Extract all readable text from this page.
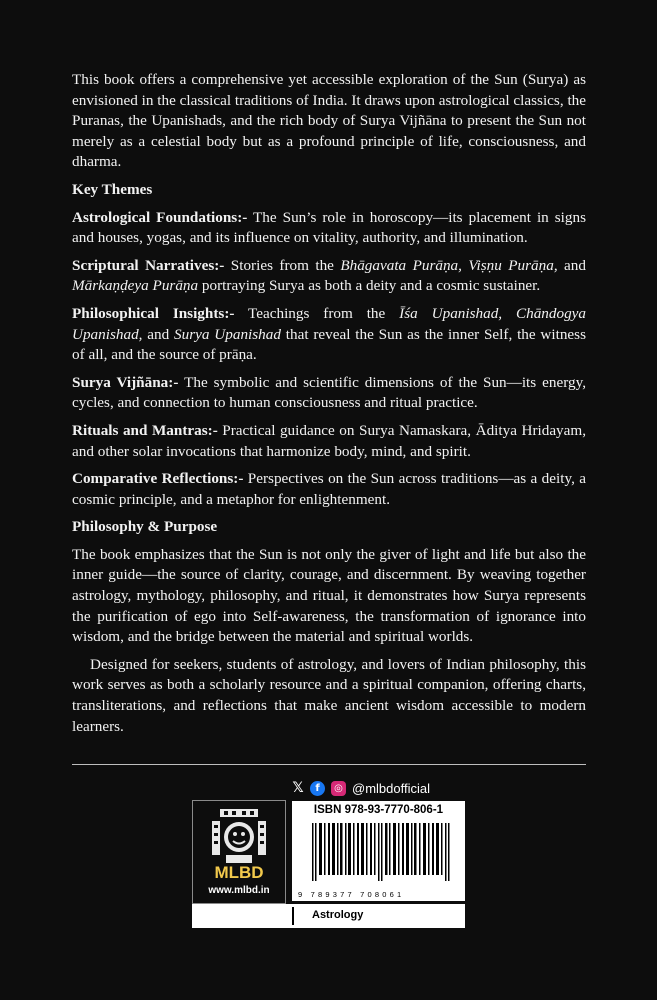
This book offers a comprehensive yet accessible exploration of the Sun (Surya) as envisioned in the classical traditions of India. It draws upon astrological classics, the Puranas, the Upanishads, and the rich body of Surya Vijñāna to present the Sun not merely as a celestial body but as a profound principle of life, consciousness, and dharma.

Key Themes

Astrological Foundations:- The Sun’s role in horoscopy—its placement in signs and houses, yogas, and its influence on vitality, authority, and illumination.

Scriptural Narratives:- Stories from the Bhāgavata Purāṇa, Viṣṇu Purāṇa, and Mārkaṇḍeya Purāṇa portraying Surya as both a deity and a cosmic sustainer.

Philosophical Insights:- Teachings from the Īśa Upanishad, Chāndogya Upanishad, and Surya Upanishad that reveal the Sun as the inner Self, the witness of all, and the source of prāṇa.

Surya Vijñāna:- The symbolic and scientific dimensions of the Sun—its energy, cycles, and connection to human consciousness and ritual practice.

Rituals and Mantras:- Practical guidance on Surya Namaskara, Āditya Hridayam, and other solar invocations that harmonize body, mind, and spirit.

Comparative Reflections:- Perspectives on the Sun across traditions—as a deity, a cosmic principle, and a metaphor for enlightenment.

Philosophy & Purpose

The book emphasizes that the Sun is not only the giver of light and life but also the inner guide—the source of clarity, courage, and discernment. By weaving together astrology, mythology, philosophy, and ritual, it demonstrates how Surya represents the purification of ego into Self-awareness, the transformation of ignorance into wisdom, and the bridge between the material and spiritual worlds.

Designed for seekers, students of astrology, and lovers of Indian philosophy, this work serves as both a scholarly resource and a spiritual companion, offering charts, transliterations, and reflections that make ancient wisdom accessible to modern learners.

𝕏	f	◎ @mlbdofficial
MLBD
www.mlbd.in
ISBN 978-93-7770-806-1
9 789377 708061
Astrology
